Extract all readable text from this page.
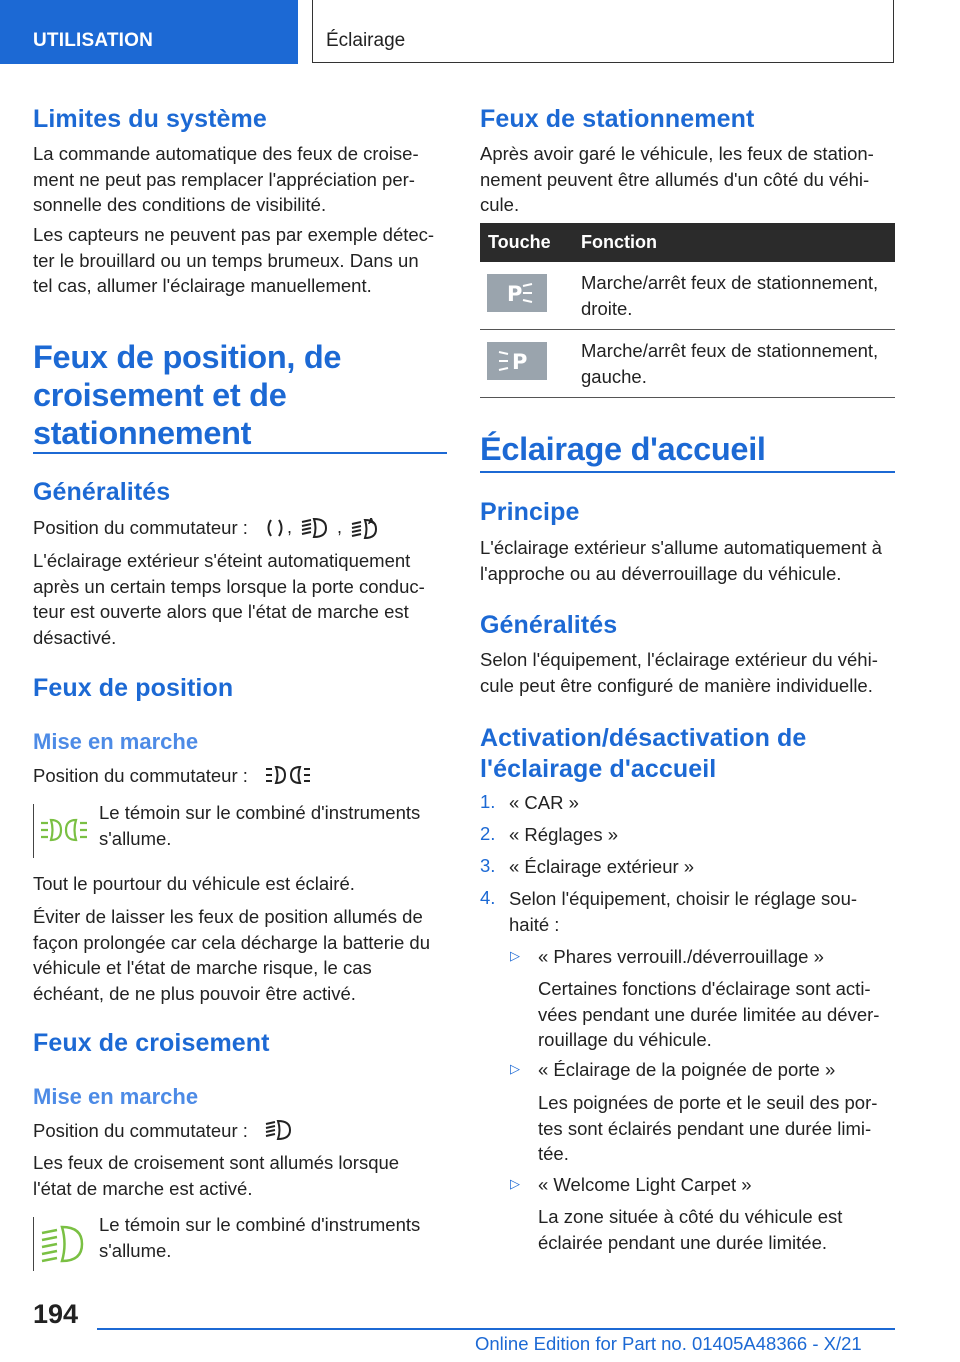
UTILISATION	Éclairage
Limites du système

La commande automatique des feux de croise-
ment ne peut pas remplacer l'appréciation per-
sonnelle des conditions de visibilité.

Les capteurs ne peuvent pas par exemple détec-
ter le brouillard ou un temps brumeux. Dans un
tel cas, allumer l'éclairage manuellement.

Feux de position, de
croisement et de
stationnement
Généralités

Position du commutateur : , ,	A

L'éclairage extérieur s'éteint automatiquement
après un certain temps lorsque la porte conduc-
teur est ouverte alors que l'état de marche est
désactivé.

Feux de position
Mise en marche

Position du commutateur :

Le témoin sur le combiné d'instruments
s'allume.

Tout le pourtour du véhicule est éclairé.

Éviter de laisser les feux de position allumés de
façon prolongée car cela décharge la batterie du
véhicule et l'état de marche risque, le cas
échéant, de ne plus pouvoir être activé.

Feux de croisement
Mise en marche

Position du commutateur :

Les feux de croisement sont allumés lorsque
l'état de marche est activé.

Le témoin sur le combiné d'instruments
s'allume.

Feux de stationnement

Après avoir garé le véhicule, les feux de station-
nement peuvent être allumés d'un côté du véhi-
cule.

Touche	Fonction

P	Marche/arrêt feux de stationnement,
droite.

P	Marche/arrêt feux de stationnement,
gauche.
Éclairage d'accueil
Principe

L'éclairage extérieur s'allume automatiquement à
l'approche ou au déverrouillage du véhicule.

Généralités

Selon l'équipement, l'éclairage extérieur du véhi-
cule peut être configuré de manière individuelle.

Activation/désactivation de
l'éclairage d'accueil
1. « CAR »

2. « Réglages »

3. « Éclairage extérieur »

4. Selon l'équipement, choisir le réglage sou-
haité :

▷ « Phares verrouill./déverrouillage »

Certaines fonctions d'éclairage sont acti-
vées pendant une durée limitée au déver-
rouillage du véhicule.

▷ « Éclairage de la poignée de porte »

Les poignées de porte et le seuil des por-
tes sont éclairés pendant une durée limi-
tée.

▷ « Welcome Light Carpet »

La zone située à côté du véhicule est
éclairée pendant une durée limitée.

194
Online Edition for Part no. 01405A48366 - X/21
